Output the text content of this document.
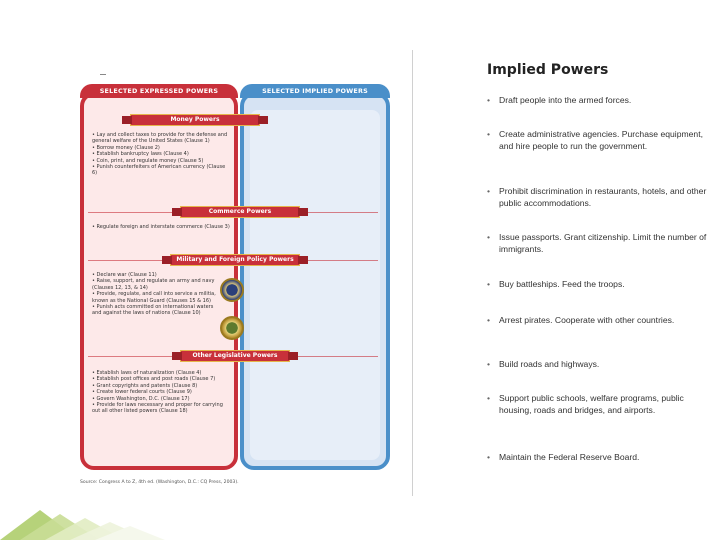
SELECTED EXPRESSED POWERS	SELECTED IMPLIED POWERS
Money Powers
• Lay and collect taxes to provide for the defense and general welfare of the United States (Clause 1)
• Borrow money (Clause 2)
• Establish bankruptcy laws (Clause 4)
• Coin, print, and regulate money (Clause 5)
• Punish counterfeiters of American currency (Clause 6)
Commerce Powers
• Regulate foreign and interstate commerce (Clause 3)
Military and Foreign Policy Powers
• Declare war (Clause 11)
• Raise, support, and regulate an army and navy (Clauses 12, 13, & 14)
• Provide, regulate, and call into service a militia, known as the National Guard (Clauses 15 & 16)
• Punish acts committed on international waters and against the laws of nations (Clause 10)
Other Legislative Powers
• Establish laws of naturalization (Clause 4)
• Establish post offices and post roads (Clause 7)
• Grant copyrights and patents (Clause 8)
• Create lower federal courts (Clause 9)
• Govern Washington, D.C. (Clause 17)
• Provide for laws necessary and proper for carrying out all other listed powers (Clause 18)
Source: Congress A to Z, 4th ed. (Washington, D.C.: CQ Press, 2003).
Implied Powers
• Draft people into the armed forces.
• Create administrative agencies. Purchase equipment, and hire people to run the government.
• Prohibit discrimination in restaurants, hotels, and other public accommodations.
• Issue passports. Grant citizenship. Limit the number of immigrants.
• Buy battleships. Feed the troops.
• Arrest pirates. Cooperate with other countries.
• Build roads and highways.
• Support public schools, welfare programs, public housing, roads and bridges, and airports.
• Maintain the Federal Reserve Board.
